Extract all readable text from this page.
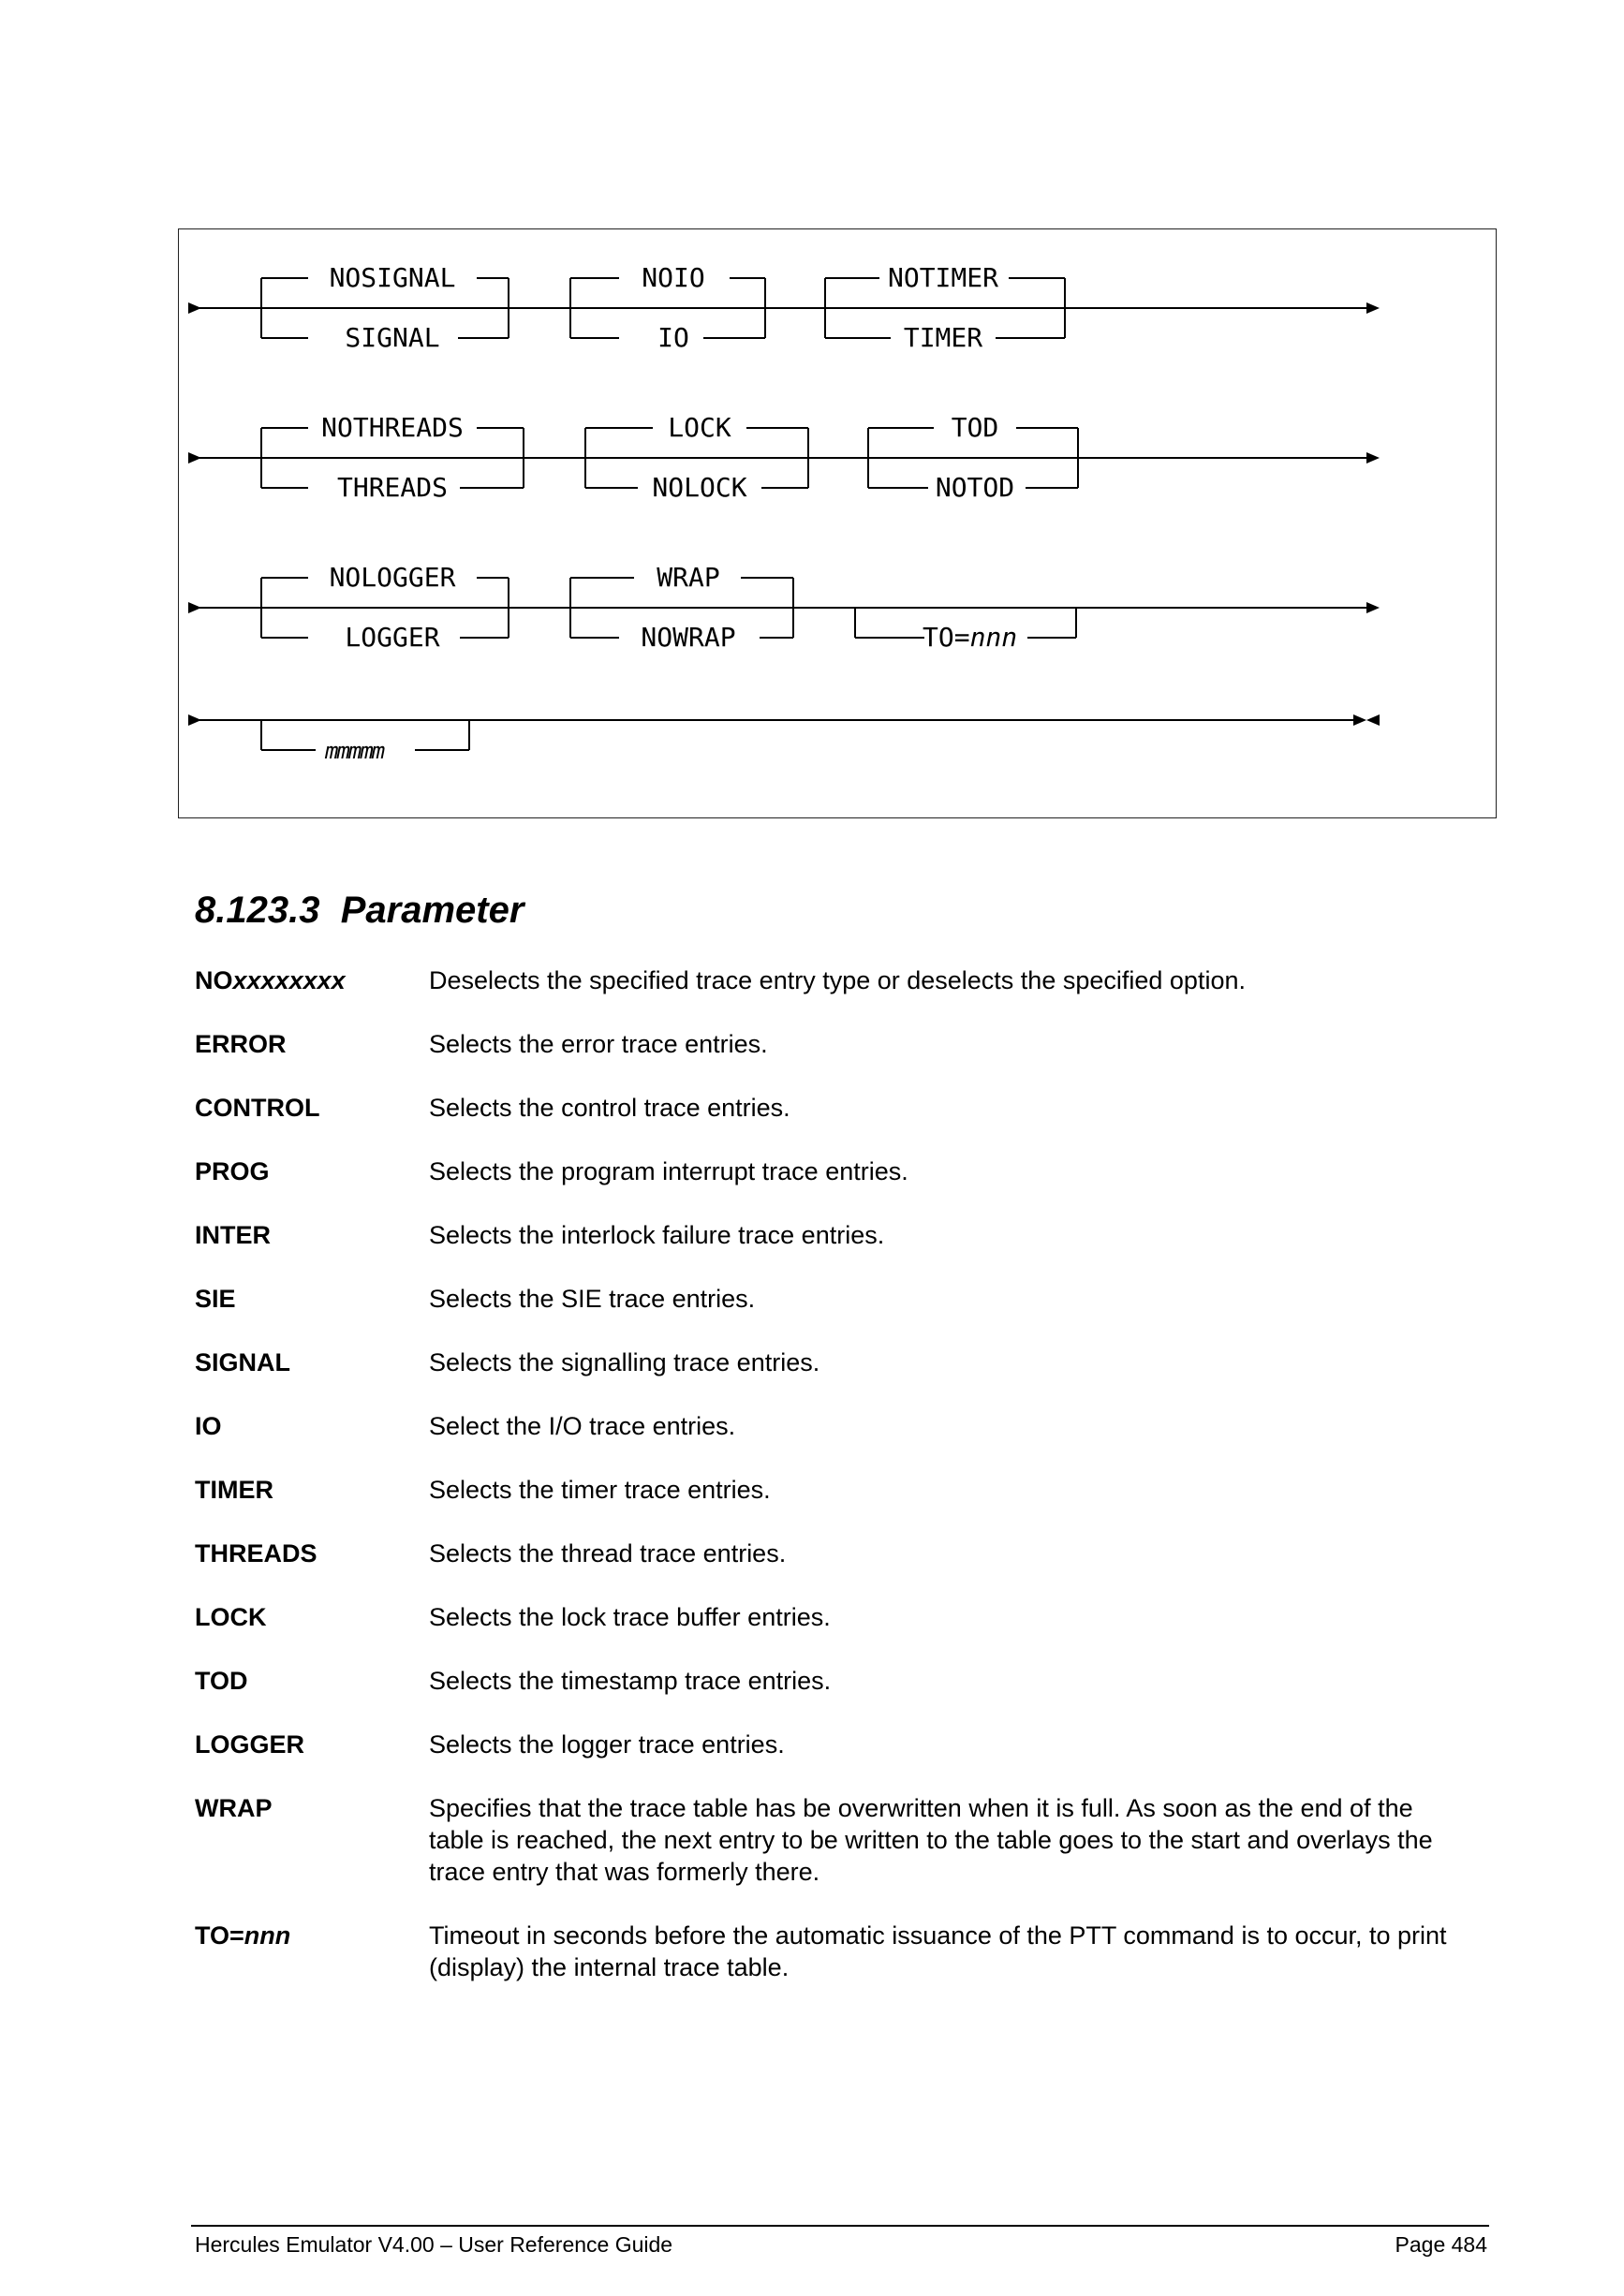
NOSIGNAL
SIGNAL
NOIO
IO
NOTIMER
TIMER
NOTHREADS
THREADS
LOCK
NOLOCK
TOD
NOTOD
NOLOGGER
LOGGER
WRAP
NOWRAP	TO=nnn
mmmmm
8.123.3 Parameter
NOxxxxxxxx	Deselects the specified trace entry type or deselects the specified option.
ERROR	Selects the error trace entries.
CONTROL	Selects the control trace entries.
PROG	Selects the program interrupt trace entries.
INTER	Selects the interlock failure trace entries.
SIE	Selects the SIE trace entries.
SIGNAL	Selects the signalling trace entries.
IO	Select the I/O trace entries.
TIMER	Selects the timer trace entries.
THREADS	Selects the thread trace entries.
LOCK	Selects the lock trace buffer entries.
TOD	Selects the timestamp trace entries.
LOGGER	Selects the logger trace entries.
WRAP	Specifies that the trace table has be overwritten when it is full. As soon as the end of the table is reached, the next entry to be written to the table goes to the start and overlays the trace entry that was formerly there.
TO=nnn	Timeout in seconds before the automatic issuance of the PTT command is to occur, to print (display) the internal trace table.
Hercules Emulator V4.00 – User Reference Guide	Page 484
